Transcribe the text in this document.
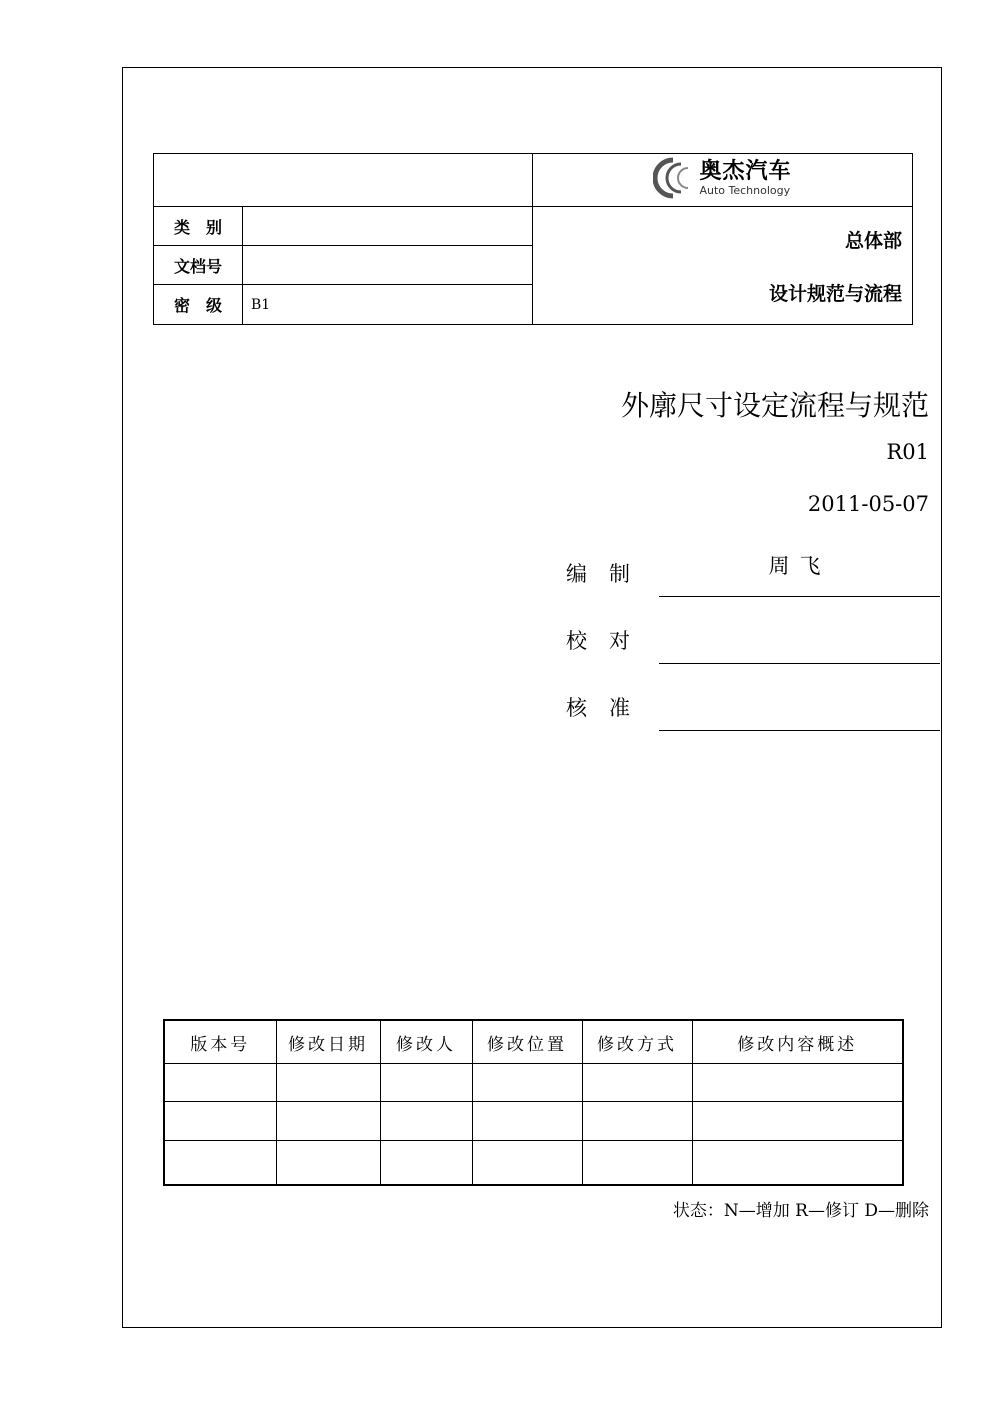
		奥杰汽车
Auto Technology

类　别		总体部
设计规范与流程

文档号		
密　级	B1	
外廓尺寸设定流程与规范
R01
2011-05-07
编制	周飞
校对
核准
版本号	修改日期	修改人	修改位置	修改方式	修改内容概述

状态：N—增加 R—修订 D—删除
